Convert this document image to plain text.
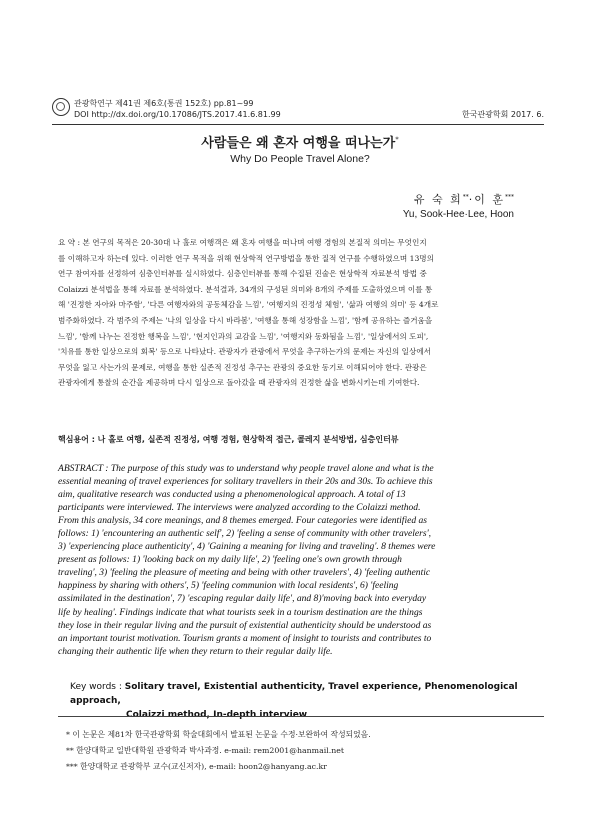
관광학연구 제41권 제6호(통권 152호) pp.81~99
DOI http://dx.doi.org/10.17086/JTS.2017.41.6.81.99	한국관광학회 2017. 6.
사람들은 왜 혼자 여행을 떠나는가*
Why Do People Travel Alone?
유 숙 희**·이 훈***
Yu, Sook-Hee·Lee, Hoon
요 약 : 본 연구의 목적은 20-30대 나 홀로 여행객은 왜 혼자 여행을 떠나며 여행 경험의 본질적 의미는 무엇인지
를 이해하고자 하는데 있다. 이러한 연구 목적을 위해 현상학적 연구방법을 통한 질적 연구를 수행하였으며 13명의
연구 참여자를 선정하여 심층인터뷰를 실시하였다. 심층인터뷰를 통해 수집된 진술은 현상학적 자료분석 방법 중
Colaizzi 분석법을 통해 자료를 분석하였다. 분석결과, 34개의 구성된 의미와 8개의 주제를 도출하였으며 이를 통
해 '진정한 자아와 마주함', '다른 여행자와의 공동체감을 느낌', '여행지의 진정성 체험', '삶과 여행의 의미' 등 4개로
범주화하였다. 각 범주의 주제는 '나의 일상을 다시 바라봄', '여행을 통해 성장함을 느낌', '함께 공유하는 즐거움을
느낌', '함께 나누는 진정한 행복을 느낌', '현지인과의 교감을 느낌', '여행지와 동화됨을 느낌', '일상에서의 도피',
'치유를 통한 일상으로의 회복' 등으로 나타났다. 관광자가 관광에서 무엇을 추구하는가의 문제는 자신의 일상에서
무엇을 잃고 사는가의 문제로, 여행을 통한 실존적 진정성 추구는 관광의 중요한 동기로 이해되어야 한다. 관광은
관광자에게 통찰의 순간을 제공하며 다시 일상으로 돌아갔을 때 관광자의 진정한 삶을 변화시키는데 기여한다.
핵심용어 : 나 홀로 여행, 실존적 진정성, 여행 경험, 현상학적 접근, 콜레지 분석방법, 심층인터뷰
ABSTRACT : The purpose of this study was to understand why people travel alone and what is the
essential meaning of travel experiences for solitary travellers in their 20s and 30s. To achieve this
aim, qualitative research was conducted using a phenomenological approach. A total of 13
participants were interviewed. The interviews were analyzed according to the Colaizzi method.
From this analysis, 34 core meanings, and 8 themes emerged. Four categories were identified as
follows: 1) 'encountering an authentic self', 2) 'feeling a sense of community with other travelers',
3) 'experiencing place authenticity', 4) 'Gaining a meaning for living and traveling'. 8 themes were
present as follows: 1) 'looking back on my daily life', 2) 'feeling one's own growth through
traveling', 3) 'feeling the pleasure of meeting and being with other travelers', 4) 'feeling authentic
happiness by sharing with others', 5) 'feeling communion with local residents', 6) 'feeling
assimilated in the destination', 7) 'escaping regular daily life', and 8)'moving back into everyday
life by healing'. Findings indicate that what tourists seek in a tourism destination are the things
they lose in their regular living and the pursuit of existential authenticity should be understood as
an important tourist motivation. Tourism grants a moment of insight to tourists and contributes to
changing their authentic life when they return to their regular daily life.
Key words : Solitary travel, Existential authenticity, Travel experience, Phenomenological approach,
Colaizzi method, In-depth interview
* 이 논문은 제81차 한국관광학회 학술대회에서 발표된 논문을 수정·보완하여 작성되었음.
** 한양대학교 일반대학원 관광학과 박사과정. e-mail: rem2001@hanmail.net
*** 한양대학교 관광학부 교수(교신저자), e-mail: hoon2@hanyang.ac.kr
